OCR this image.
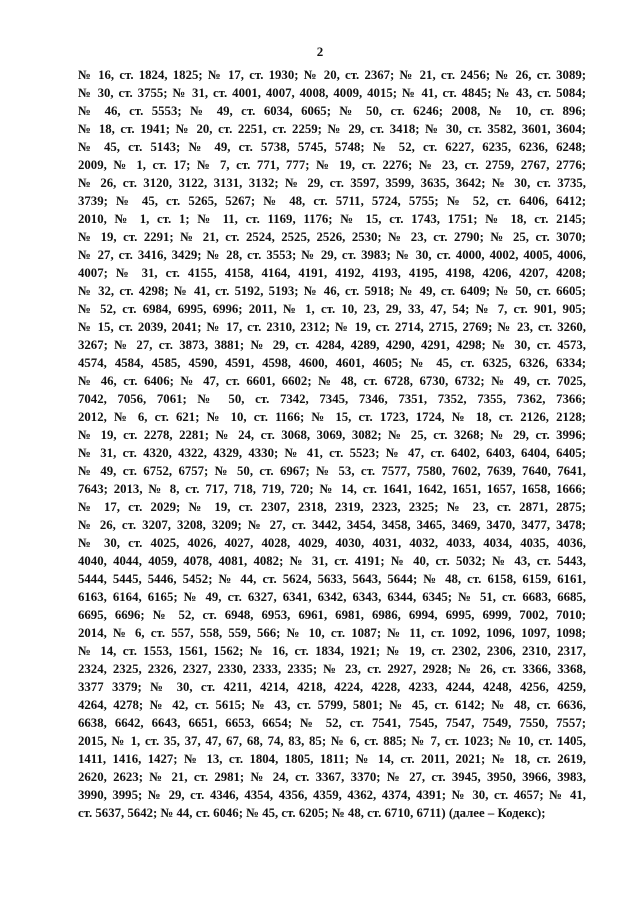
2
№ 16, ст. 1824, 1825; № 17, ст. 1930; № 20, ст. 2367; № 21, ст. 2456; № 26, ст. 3089;
№ 30, ст. 3755; № 31, ст. 4001, 4007, 4008, 4009, 4015; № 41, ст. 4845; № 43, ст. 5084;
№ 46, ст. 5553; № 49, ст. 6034, 6065; № 50, ст. 6246; 2008, № 10, ст. 896;
№ 18, ст. 1941; № 20, ст. 2251, ст. 2259; № 29, ст. 3418; № 30, ст. 3582, 3601, 3604;
№ 45, ст. 5143; № 49, ст. 5738, 5745, 5748; № 52, ст. 6227, 6235, 6236, 6248;
2009, № 1, ст. 17; № 7, ст. 771, 777; № 19, ст. 2276; № 23, ст. 2759, 2767, 2776;
№ 26, ст. 3120, 3122, 3131, 3132; № 29, ст. 3597, 3599, 3635, 3642; № 30, ст. 3735,
3739; № 45, ст. 5265, 5267; № 48, ст. 5711, 5724, 5755; № 52, ст. 6406, 6412;
2010, № 1, ст. 1; № 11, ст. 1169, 1176; № 15, ст. 1743, 1751; № 18, ст. 2145;
№ 19, ст. 2291; № 21, ст. 2524, 2525, 2526, 2530; № 23, ст. 2790; № 25, ст. 3070;
№ 27, ст. 3416, 3429; № 28, ст. 3553; № 29, ст. 3983; № 30, ст. 4000, 4002, 4005, 4006,
4007; № 31, ст. 4155, 4158, 4164, 4191, 4192, 4193, 4195, 4198, 4206, 4207, 4208;
№ 32, ст. 4298; № 41, ст. 5192, 5193; № 46, ст. 5918; № 49, ст. 6409; № 50, ст. 6605;
№ 52, ст. 6984, 6995, 6996; 2011, № 1, ст. 10, 23, 29, 33, 47, 54; № 7, ст. 901, 905;
№ 15, ст. 2039, 2041; № 17, ст. 2310, 2312; № 19, ст. 2714, 2715, 2769; № 23, ст. 3260,
3267; № 27, ст. 3873, 3881; № 29, ст. 4284, 4289, 4290, 4291, 4298; № 30, ст. 4573,
4574, 4584, 4585, 4590, 4591, 4598, 4600, 4601, 4605; № 45, ст. 6325, 6326, 6334;
№ 46, ст. 6406; № 47, ст. 6601, 6602; № 48, ст. 6728, 6730, 6732; № 49, ст. 7025,
7042, 7056, 7061; № 50, ст. 7342, 7345, 7346, 7351, 7352, 7355, 7362, 7366;
2012, № 6, ст. 621; № 10, ст. 1166; № 15, ст. 1723, 1724, № 18, ст. 2126, 2128;
№ 19, ст. 2278, 2281; № 24, ст. 3068, 3069, 3082; № 25, ст. 3268; № 29, ст. 3996;
№ 31, ст. 4320, 4322, 4329, 4330; № 41, ст. 5523; № 47, ст. 6402, 6403, 6404, 6405;
№ 49, ст. 6752, 6757; № 50, ст. 6967; № 53, ст. 7577, 7580, 7602, 7639, 7640, 7641,
7643; 2013, № 8, ст. 717, 718, 719, 720; № 14, ст. 1641, 1642, 1651, 1657, 1658, 1666;
№ 17, ст. 2029; № 19, ст. 2307, 2318, 2319, 2323, 2325; № 23, ст. 2871, 2875;
№ 26, ст. 3207, 3208, 3209; № 27, ст. 3442, 3454, 3458, 3465, 3469, 3470, 3477, 3478;
№ 30, ст. 4025, 4026, 4027, 4028, 4029, 4030, 4031, 4032, 4033, 4034, 4035, 4036,
4040, 4044, 4059, 4078, 4081, 4082; № 31, ст. 4191; № 40, ст. 5032; № 43, ст. 5443,
5444, 5445, 5446, 5452; № 44, ст. 5624, 5633, 5643, 5644; № 48, ст. 6158, 6159, 6161,
6163, 6164, 6165; № 49, ст. 6327, 6341, 6342, 6343, 6344, 6345; № 51, ст. 6683, 6685,
6695, 6696; № 52, ст. 6948, 6953, 6961, 6981, 6986, 6994, 6995, 6999, 7002, 7010;
2014, № 6, ст. 557, 558, 559, 566; № 10, ст. 1087; № 11, ст. 1092, 1096, 1097, 1098;
№ 14, ст. 1553, 1561, 1562; № 16, ст. 1834, 1921; № 19, ст. 2302, 2306, 2310, 2317,
2324, 2325, 2326, 2327, 2330, 2333, 2335; № 23, ст. 2927, 2928; № 26, ст. 3366, 3368,
3377 3379; № 30, ст. 4211, 4214, 4218, 4224, 4228, 4233, 4244, 4248, 4256, 4259,
4264, 4278; № 42, ст. 5615; № 43, ст. 5799, 5801; № 45, ст. 6142; № 48, ст. 6636,
6638, 6642, 6643, 6651, 6653, 6654; № 52, ст. 7541, 7545, 7547, 7549, 7550, 7557;
2015, № 1, ст. 35, 37, 47, 67, 68, 74, 83, 85; № 6, ст. 885; № 7, ст. 1023; № 10, ст. 1405,
1411, 1416, 1427; № 13, ст. 1804, 1805, 1811; № 14, ст. 2011, 2021; № 18, ст. 2619,
2620, 2623; № 21, ст. 2981; № 24, ст. 3367, 3370; № 27, ст. 3945, 3950, 3966, 3983,
3990, 3995; № 29, ст. 4346, 4354, 4356, 4359, 4362, 4374, 4391; № 30, ст. 4657; № 41,
ст. 5637, 5642; № 44, ст. 6046; № 45, ст. 6205; № 48, ст. 6710, 6711) (далее – Кодекс);
